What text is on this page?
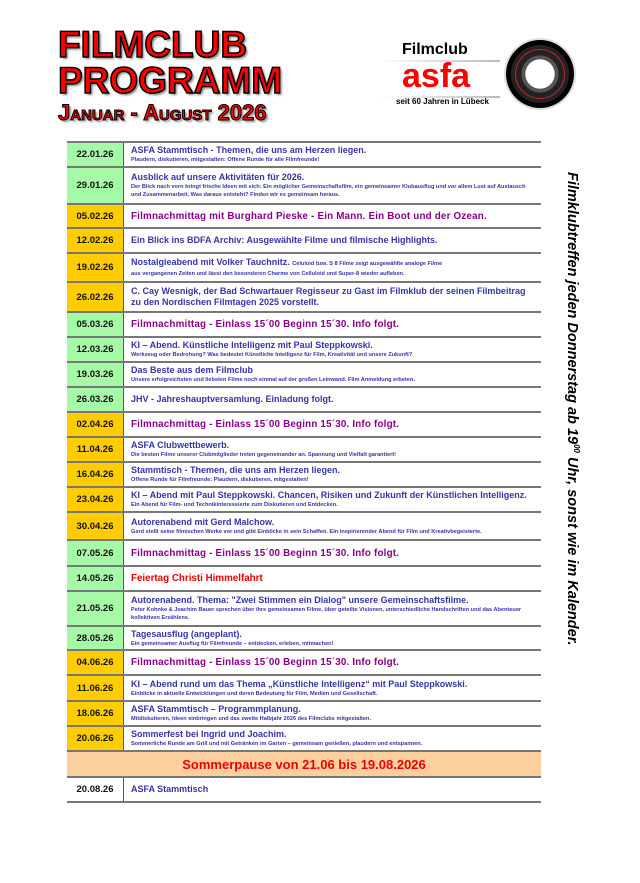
FILMCLUB
PROGRAMM
Januar - August 2026
Filmclub
asfa
seit 60 Jahren in Lübeck
22.01.26	ASFA Stammtisch - Themen, die uns am Herzen liegen.
Plaudern, diskutieren, mitgestalten: Offene Runde für alle Filmfreunde!
29.01.26
Ausblick auf unsere Aktivitäten für 2026.
Der Blick nach vorn bringt frische Ideen mit sich: Ein möglicher Gemeinschaftsfilm, ein gemeinsamer Klubausflug und vor allem Lust auf Austausch und Zusammenarbeit. Was daraus entsteht? Finden wir es gemeinsam heraus.
05.02.26	Filmnachmittag mit Burghard Pieske - Ein Mann. Ein Boot und der Ozean.
12.02.26	Ein Blick ins BDFA Archiv: Ausgewählte Filme und filmische Highlights.
19.02.26	Nostalgieabend mit Volker Tauchnitz. Celuloid bzw. S 8 Filme zeigt ausgewählte analoge Filme
aus vergangenen Zeiten und lässt den besonderen Charme von Celluloid und Super-8 wieder aufleben.
26.02.26
C. Cay Wesnigk, der Bad Schwartauer Regisseur zu Gast im Filmklub der seinen Filmbeitrag zu den Nordischen Filmtagen 2025 vorstellt.
05.03.26	Filmnachmittag - Einlass 15´00 Beginn 15´30. Info folgt.
12.03.26	KI – Abend. Künstliche Intelligenz mit Paul Steppkowski.
Werkzeug oder Bedrohung? Was bedeutet Künstliche Intelligenz für Film, Kreativität und unsere Zukunft?
19.03.26	Das Beste aus dem Filmclub
Unsere erfolgreichsten und liebsten Filme noch einmal auf der großen Leinwand. Film Anmeldung erbeten.
26.03.26	JHV - Jahreshauptversamlung. Einladung folgt.
02.04.26	Filmnachmittag - Einlass 15´00 Beginn 15´30. Info folgt.
11.04.26	ASFA Clubwettbewerb.
Die besten Filme unserer Clubmitglieder treten gegeneinander an. Spannung und Vielfalt garantiert!
16.04.26	Stammtisch - Themen, die uns am Herzen liegen.
Offene Runde für Filmfreunde: Plaudern, diskutieren, mitgestalten!
23.04.26	KI – Abend mit Paul Steppkowski. Chancen, Risiken und Zukunft der Künstlichen Intelligenz.
Ein Abend für Film- und Technikinteressierte zum Diskutieren und Entdecken.
30.04.26	Autorenabend mit Gerd Malchow.
Gerd stellt seine filmischen Werke vor und gibt Einblicke in sein Schaffen. Ein inspirierender Abend für Film und Kreativbegeisterte.
07.05.26	Filmnachmittag - Einlass 15´00 Beginn 15´30. Info folgt.
14.05.26	Feiertag Christi Himmelfahrt
21.05.26
Autorenabend. Thema: "Zwei Stimmen ein Dialog" unsere Gemeinschaftsfilme.
Peter Kohnke & Joachim Bauer sprechen über ihre gemeinsamen Filme, über geteilte Visionen, unterschiedliche Handschriften und das Abenteuer kollektiven Erzählens.
28.05.26	Tagesausflug (angeplant).
Ein gemeinsamer Ausflug für Filmfreunde – entdecken, erleben, mitmachen!
04.06.26	Filmnachmittag - Einlass 15´00 Beginn 15´30. Info folgt.
11.06.26	KI – Abend rund um das Thema „Künstliche Intelligenz“ mit Paul Steppkowski.
Einblicke in aktuelle Entwicklungen und deren Bedeutung für Film, Medien und Gesellschaft.
18.06.26	ASFA Stammtisch – Programmplanung.
Mitdiskutieren, Ideen einbringen und das zweite Halbjahr 2026 des Filmclubs mitgestalten.
20.06.26	Sommerfest bei Ingrid und Joachim.
Sommerliche Runde am Grill und mit Getränken im Garten – gemeinsam genießen, plaudern und entspannen.
Sommerpause von 21.06 bis 19.08.2026
20.08.26	ASFA Stammtisch
Filmklubtreffen jeden Donnerstag ab $19^{00}$ Uhr, sonst wie im Kalender.
